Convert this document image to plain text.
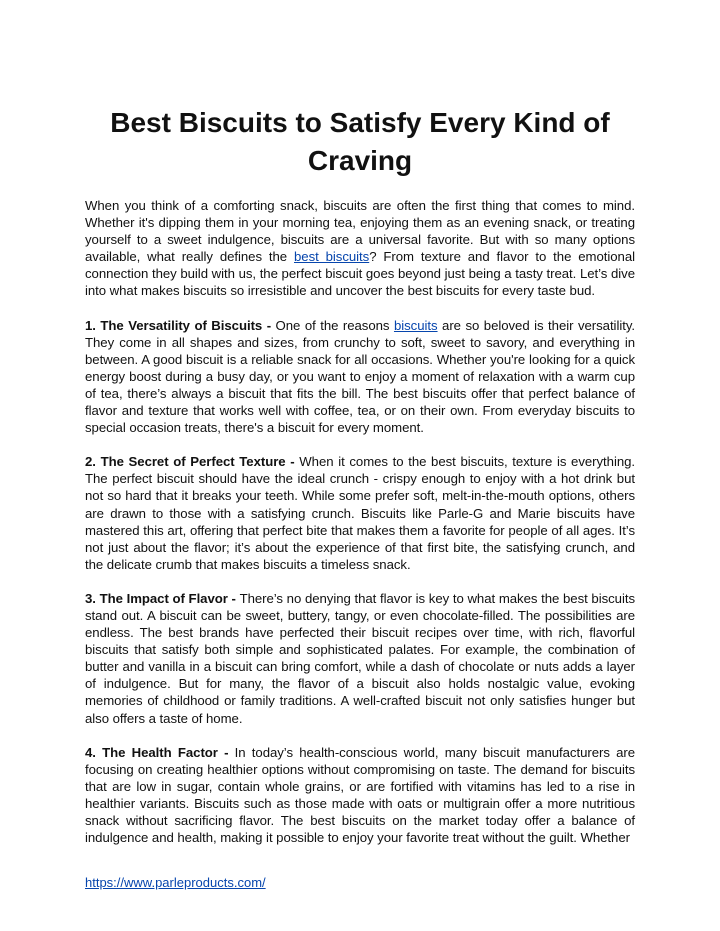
Best Biscuits to Satisfy Every Kind of Craving

When you think of a comforting snack, biscuits are often the first thing that comes to mind. Whether it's dipping them in your morning tea, enjoying them as an evening snack, or treating yourself to a sweet indulgence, biscuits are a universal favorite. But with so many options available, what really defines the best biscuits? From texture and flavor to the emotional connection they build with us, the perfect biscuit goes beyond just being a tasty treat. Let’s dive into what makes biscuits so irresistible and uncover the best biscuits for every taste bud.

1. The Versatility of Biscuits - One of the reasons biscuits are so beloved is their versatility. They come in all shapes and sizes, from crunchy to soft, sweet to savory, and everything in between. A good biscuit is a reliable snack for all occasions. Whether you're looking for a quick energy boost during a busy day, or you want to enjoy a moment of relaxation with a warm cup of tea, there’s always a biscuit that fits the bill. The best biscuits offer that perfect balance of flavor and texture that works well with coffee, tea, or on their own. From everyday biscuits to special occasion treats, there's a biscuit for every moment.

2. The Secret of Perfect Texture - When it comes to the best biscuits, texture is everything. The perfect biscuit should have the ideal crunch - crispy enough to enjoy with a hot drink but not so hard that it breaks your teeth. While some prefer soft, melt-in-the-mouth options, others are drawn to those with a satisfying crunch. Biscuits like Parle-G and Marie biscuits have mastered this art, offering that perfect bite that makes them a favorite for people of all ages. It’s not just about the flavor; it’s about the experience of that first bite, the satisfying crunch, and the delicate crumb that makes biscuits a timeless snack.

3. The Impact of Flavor - There’s no denying that flavor is key to what makes the best biscuits stand out. A biscuit can be sweet, buttery, tangy, or even chocolate-filled. The possibilities are endless. The best brands have perfected their biscuit recipes over time, with rich, flavorful biscuits that satisfy both simple and sophisticated palates. For example, the combination of butter and vanilla in a biscuit can bring comfort, while a dash of chocolate or nuts adds a layer of indulgence. But for many, the flavor of a biscuit also holds nostalgic value, evoking memories of childhood or family traditions. A well-crafted biscuit not only satisfies hunger but also offers a taste of home.

4. The Health Factor - In today’s health-conscious world, many biscuit manufacturers are focusing on creating healthier options without compromising on taste. The demand for biscuits that are low in sugar, contain whole grains, or are fortified with vitamins has led to a rise in healthier variants. Biscuits such as those made with oats or multigrain offer a more nutritious snack without sacrificing flavor. The best biscuits on the market today offer a balance of indulgence and health, making it possible to enjoy your favorite treat without the guilt. Whether

https://www.parleproducts.com/
